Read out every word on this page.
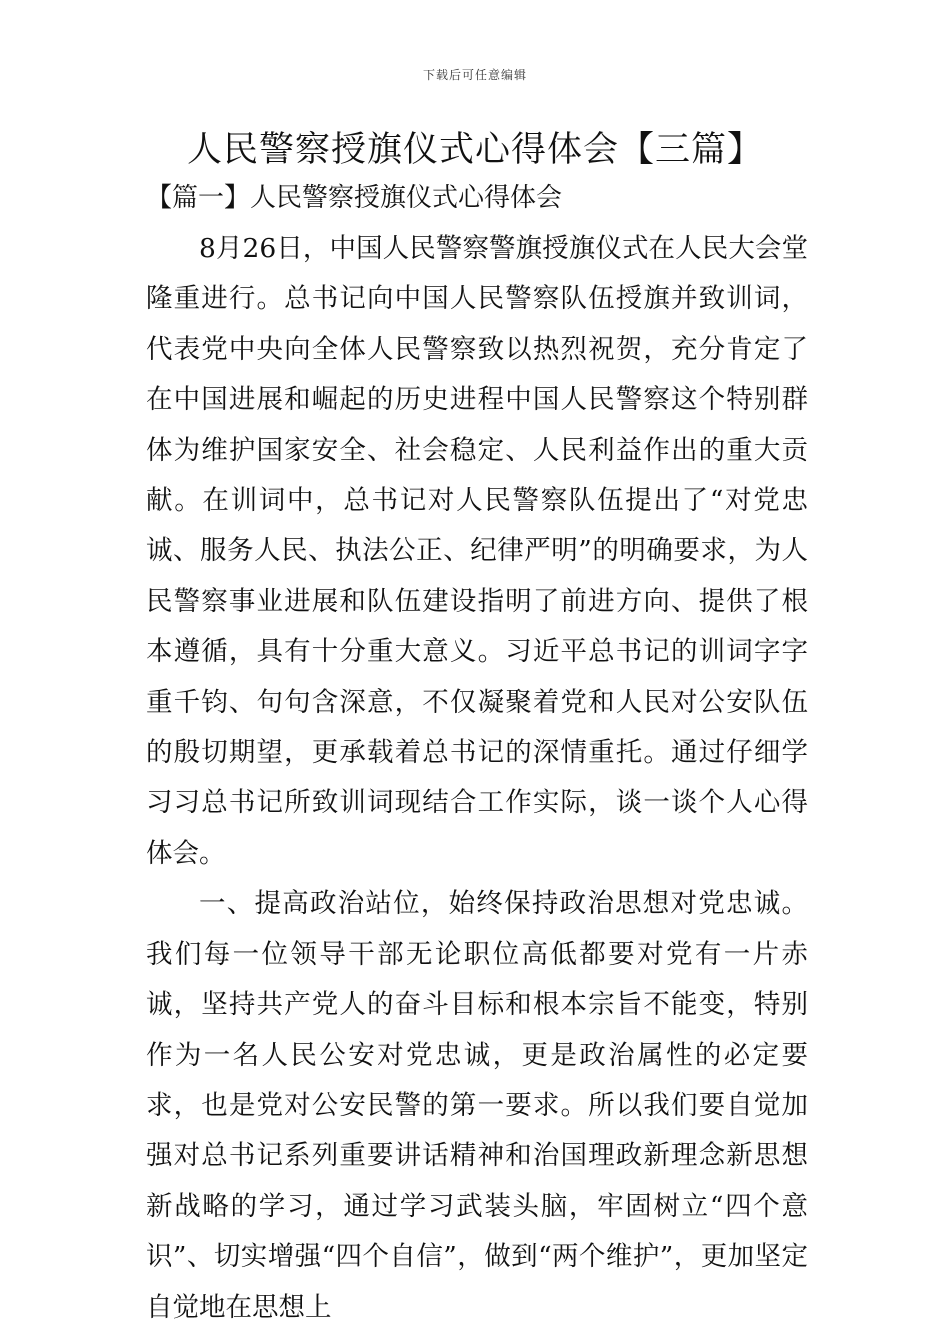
下载后可任意编辑
人民警察授旗仪式心得体会【三篇】
【篇一】人民警察授旗仪式心得体会

8月26日，中国人民警察警旗授旗仪式在人民大会堂隆重进行。总书记向中国人民警察队伍授旗并致训词，代表党中央向全体人民警察致以热烈祝贺，充分肯定了在中国进展和崛起的历史进程中国人民警察这个特别群体为维护国家安全、社会稳定、人民利益作出的重大贡献。在训词中，总书记对人民警察队伍提出了“对党忠诚、服务人民、执法公正、纪律严明”的明确要求，为人民警察事业进展和队伍建设指明了前进方向、提供了根本遵循，具有十分重大意义。习近平总书记的训词字字重千钧、句句含深意，不仅凝聚着党和人民对公安队伍的殷切期望，更承载着总书记的深情重托。通过仔细学习习总书记所致训词现结合工作实际，谈一谈个人心得体会。

一、提高政治站位，始终保持政治思想对党忠诚。我们每一位领导干部无论职位高低都要对党有一片赤诚，坚持共产党人的奋斗目标和根本宗旨不能变，特别作为一名人民公安对党忠诚，更是政治属性的必定要求，也是党对公安民警的第一要求。所以我们要自觉加强对总书记系列重要讲话精神和治国理政新理念新思想新战略的学习，通过学习武装头脑，牢固树立“四个意识”、切实增强“四个自信”，做到“两个维护”，更加坚定自觉地在思想上
